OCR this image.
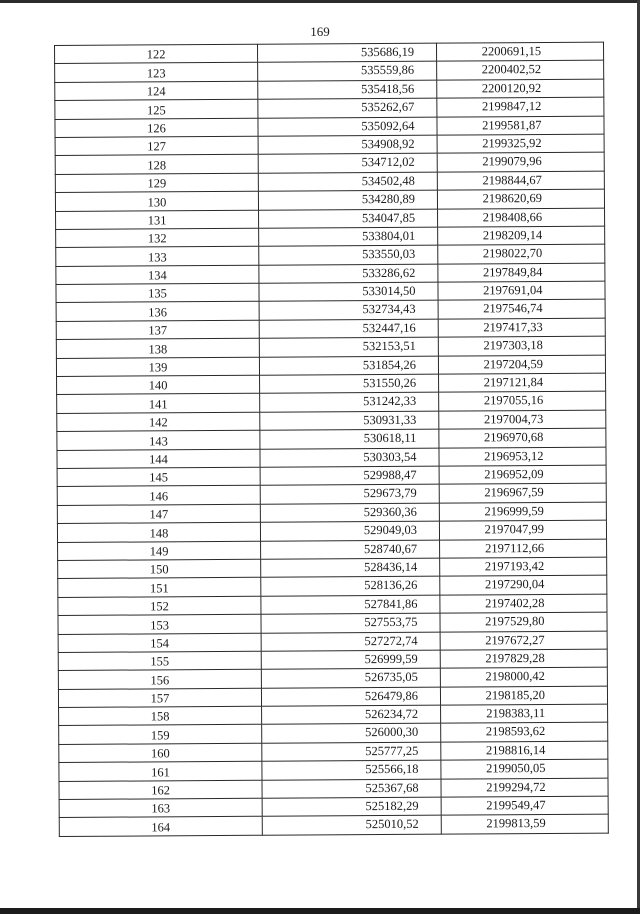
169
122	535686,19	2200691,15
123	535559,86	2200402,52
124	535418,56	2200120,92
125	535262,67	2199847,12
126	535092,64	2199581,87
127	534908,92	2199325,92
128	534712,02	2199079,96
129	534502,48	2198844,67
130	534280,89	2198620,69
131	534047,85	2198408,66
132	533804,01	2198209,14
133	533550,03	2198022,70
134	533286,62	2197849,84
135	533014,50	2197691,04
136	532734,43	2197546,74
137	532447,16	2197417,33
138	532153,51	2197303,18
139	531854,26	2197204,59
140	531550,26	2197121,84
141	531242,33	2197055,16
142	530931,33	2197004,73
143	530618,11	2196970,68
144	530303,54	2196953,12
145	529988,47	2196952,09
146	529673,79	2196967,59
147	529360,36	2196999,59
148	529049,03	2197047,99
149	528740,67	2197112,66
150	528436,14	2197193,42
151	528136,26	2197290,04
152	527841,86	2197402,28
153	527553,75	2197529,80
154	527272,74	2197672,27
155	526999,59	2197829,28
156	526735,05	2198000,42
157	526479,86	2198185,20
158	526234,72	2198383,11
159	526000,30	2198593,62
160	525777,25	2198816,14
161	525566,18	2199050,05
162	525367,68	2199294,72
163	525182,29	2199549,47
164	525010,52	2199813,59
